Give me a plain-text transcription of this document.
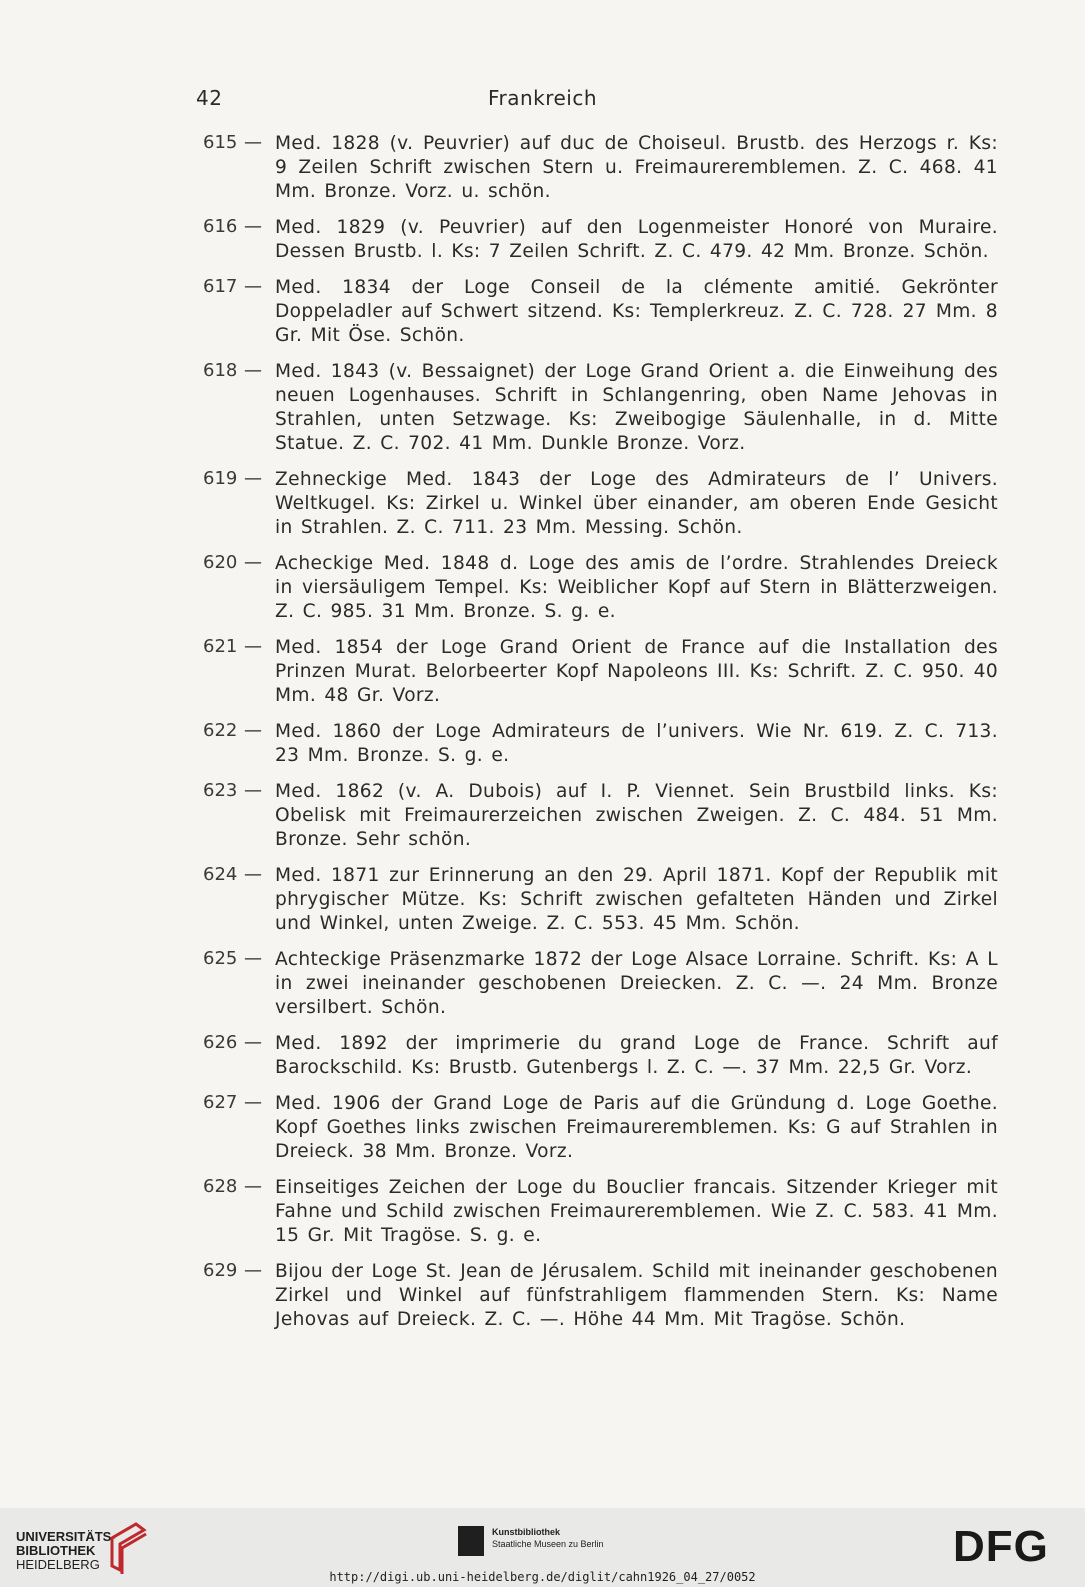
42	Frankreich
615 — Med. 1828 (v. Peuvrier) auf duc de Choiseul. Brustb. des Herzogs r. Ks: 9 Zeilen Schrift zwischen Stern u. Freimaureremblemen. Z. C. 468. 41 Mm. Bronze. Vorz. u. schön.
616 — Med. 1829 (v. Peuvrier) auf den Logenmeister Honoré von Muraire. Dessen Brustb. l. Ks: 7 Zeilen Schrift. Z. C. 479. 42 Mm. Bronze. Schön.
617 — Med. 1834 der Loge Conseil de la clémente amitié. Gekrönter Doppeladler auf Schwert sitzend. Ks: Templerkreuz. Z. C. 728. 27 Mm. 8 Gr. Mit Öse. Schön.
618 — Med. 1843 (v. Bessaignet) der Loge Grand Orient a. die Einweihung des neuen Logenhauses. Schrift in Schlangenring, oben Name Jehovas in Strahlen, unten Setzwage. Ks: Zweibogige Säulenhalle, in d. Mitte Statue. Z. C. 702. 41 Mm. Dunkle Bronze. Vorz.
619 — Zehneckige Med. 1843 der Loge des Admirateurs de l’ Univers. Weltkugel. Ks: Zirkel u. Winkel über einander, am oberen Ende Gesicht in Strahlen. Z. C. 711. 23 Mm. Messing. Schön.
620 — Acheckige Med. 1848 d. Loge des amis de l’ordre. Strahlendes Dreieck in viersäuligem Tempel. Ks: Weiblicher Kopf auf Stern in Blätterzweigen. Z. C. 985. 31 Mm. Bronze. S. g. e.
621 — Med. 1854 der Loge Grand Orient de France auf die Installation des Prinzen Murat. Belorbeerter Kopf Napoleons III. Ks: Schrift. Z. C. 950. 40 Mm. 48 Gr. Vorz.
622 — Med. 1860 der Loge Admirateurs de l’univers. Wie Nr. 619. Z. C. 713. 23 Mm. Bronze. S. g. e.
623 — Med. 1862 (v. A. Dubois) auf I. P. Viennet. Sein Brustbild links. Ks: Obelisk mit Freimaurerzeichen zwischen Zweigen. Z. C. 484. 51 Mm. Bronze. Sehr schön.
624 — Med. 1871 zur Erinnerung an den 29. April 1871. Kopf der Republik mit phrygischer Mütze. Ks: Schrift zwischen gefalteten Händen und Zirkel und Winkel, unten Zweige. Z. C. 553. 45 Mm. Schön.
625 — Achteckige Präsenzmarke 1872 der Loge Alsace Lorraine. Schrift. Ks: A L in zwei ineinander geschobenen Dreiecken. Z. C. —. 24 Mm. Bronze versilbert. Schön.
626 — Med. 1892 der imprimerie du grand Loge de France. Schrift auf Barockschild. Ks: Brustb. Gutenbergs l. Z. C. —. 37 Mm. 22,5 Gr. Vorz.
627 — Med. 1906 der Grand Loge de Paris auf die Gründung d. Loge Goethe. Kopf Goethes links zwischen Freimaureremblemen. Ks: G auf Strahlen in Dreieck. 38 Mm. Bronze. Vorz.
628 — Einseitiges Zeichen der Loge du Bouclier francais. Sitzender Krieger mit Fahne und Schild zwischen Freimaureremblemen. Wie Z. C. 583. 41 Mm. 15 Gr. Mit Tragöse. S. g. e.
629 — Bijou der Loge St. Jean de Jérusalem. Schild mit ineinander geschobenen Zirkel und Winkel auf fünfstrahligem flammenden Stern. Ks: Name Jehovas auf Dreieck. Z. C. —. Höhe 44 Mm. Mit Tragöse. Schön.
UNIVERSITÄTS-
BIBLIOTHEK
HEIDELBERG
Kunstbibliothek
Staatliche Museen zu Berlin	DFG
http://digi.ub.uni-heidelberg.de/diglit/cahn1926_04_27/0052
